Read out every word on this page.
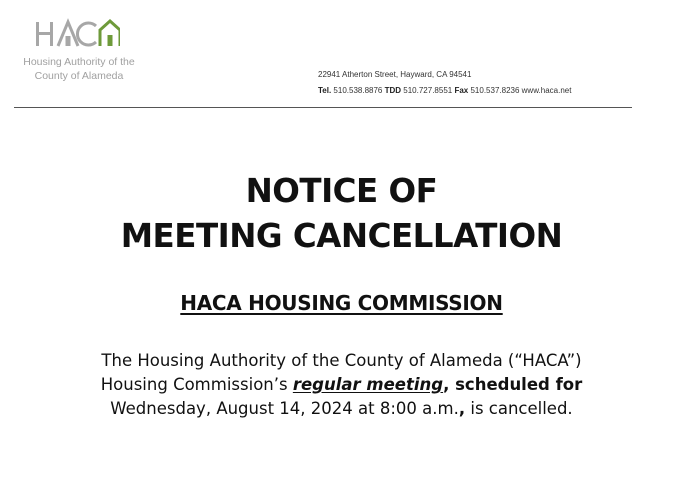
Housing Authority of the
County of Alameda	22941 Atherton Street, Hayward, CA 94541
Tel. 510.538.8876 TDD 510.727.8551 Fax 510.537.8236 www.haca.net
NOTICE OF
MEETING CANCELLATION
HACA HOUSING COMMISSION
The Housing Authority of the County of Alameda (“HACA”)
Housing Commission’s regular meeting, scheduled for
Wednesday, August 14, 2024 at 8:00 a.m., is cancelled.
